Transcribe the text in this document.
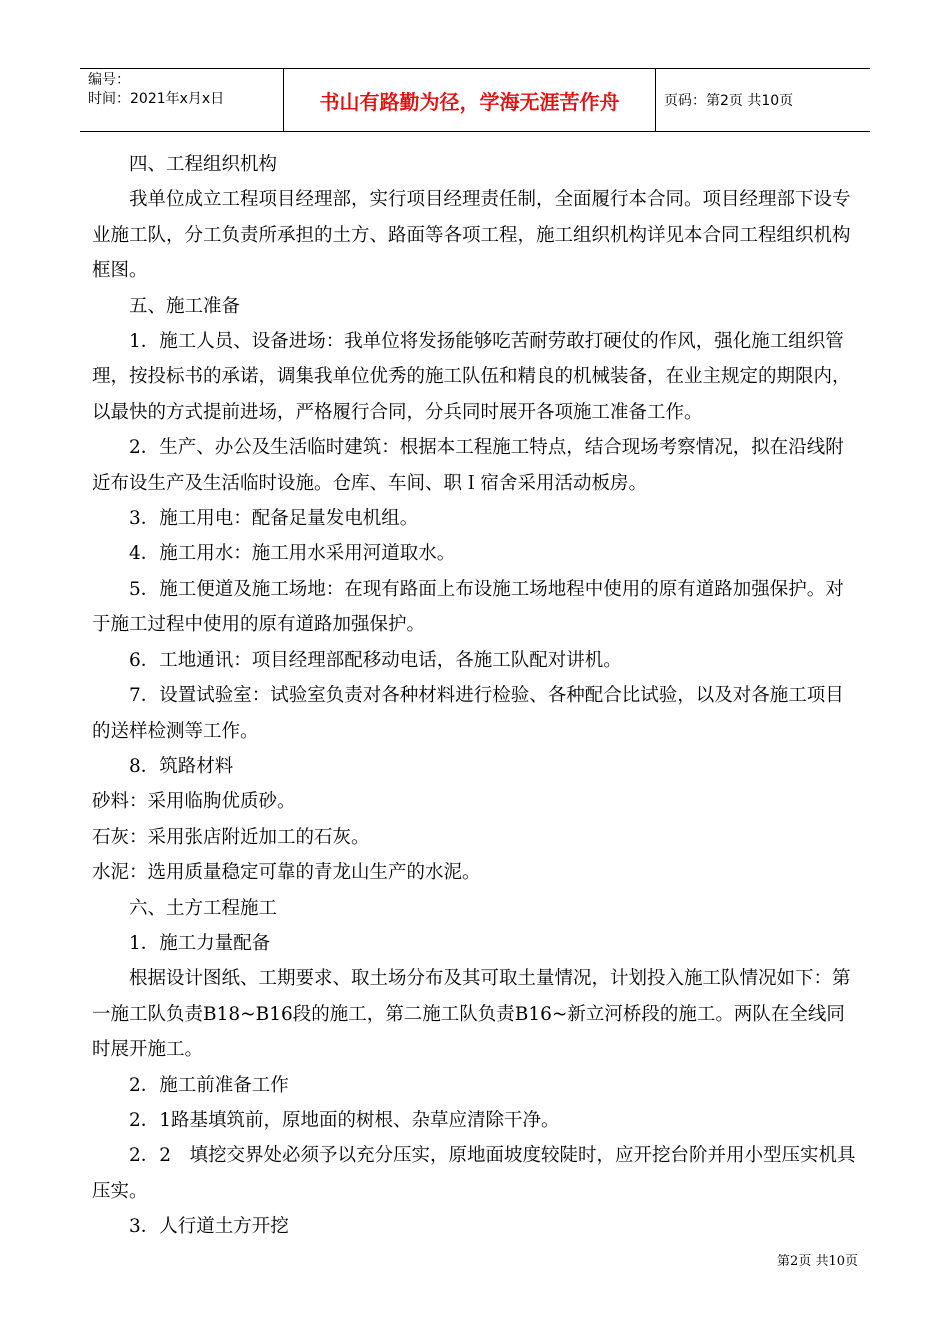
编号：
时间：2021年x月x日	书山有路勤为径，学海无涯苦作舟	页码：第2页 共10页

四、工程组织机构

我单位成立工程项目经理部，实行项目经理责任制，全面履行本合同。项目经理部下设专业施工队，分工负责所承担的土方、路面等各项工程，施工组织机构详见本合同工程组织机构框图。

五、施工准备

1．施工人员、设备进场：我单位将发扬能够吃苦耐劳敢打硬仗的作风，强化施工组织管理，按投标书的承诺，调集我单位优秀的施工队伍和精良的机械装备，在业主规定的期限内，以最快的方式提前进场，严格履行合同，分兵同时展开各项施工准备工作。

2．生产、办公及生活临时建筑：根据本工程施工特点，结合现场考察情况，拟在沿线附近布设生产及生活临时设施。仓库、车间、职Ｉ宿舍采用活动板房。

3．施工用电：配备足量发电机组。

4．施工用水：施工用水采用河道取水。

5．施工便道及施工场地：在现有路面上布设施工场地程中使用的原有道路加强保护。对于施工过程中使用的原有道路加强保护。

6．工地通讯：项目经理部配移动电话，各施工队配对讲机。

7．设置试验室：试验室负责对各种材料进行检验、各种配合比试验，以及对各施工项目的送样检测等工作。

8．筑路材料

砂料：采用临朐优质砂。

石灰：采用张店附近加工的石灰。

水泥：选用质量稳定可靠的青龙山生产的水泥。

六、土方工程施工

1．施工力量配备

根据设计图纸、工期要求、取土场分布及其可取土量情况，计划投入施工队情况如下：第一施工队负责B18~B16段的施工，第二施工队负责B16~新立河桥段的施工。两队在全线同时展开施工。

2．施工前准备工作

2．1路基填筑前，原地面的树根、杂草应清除干净。

2．2　填挖交界处必须予以充分压实，原地面坡度较陡时，应开挖台阶并用小型压实机具压实。

3．人行道土方开挖

第2页 共10页
